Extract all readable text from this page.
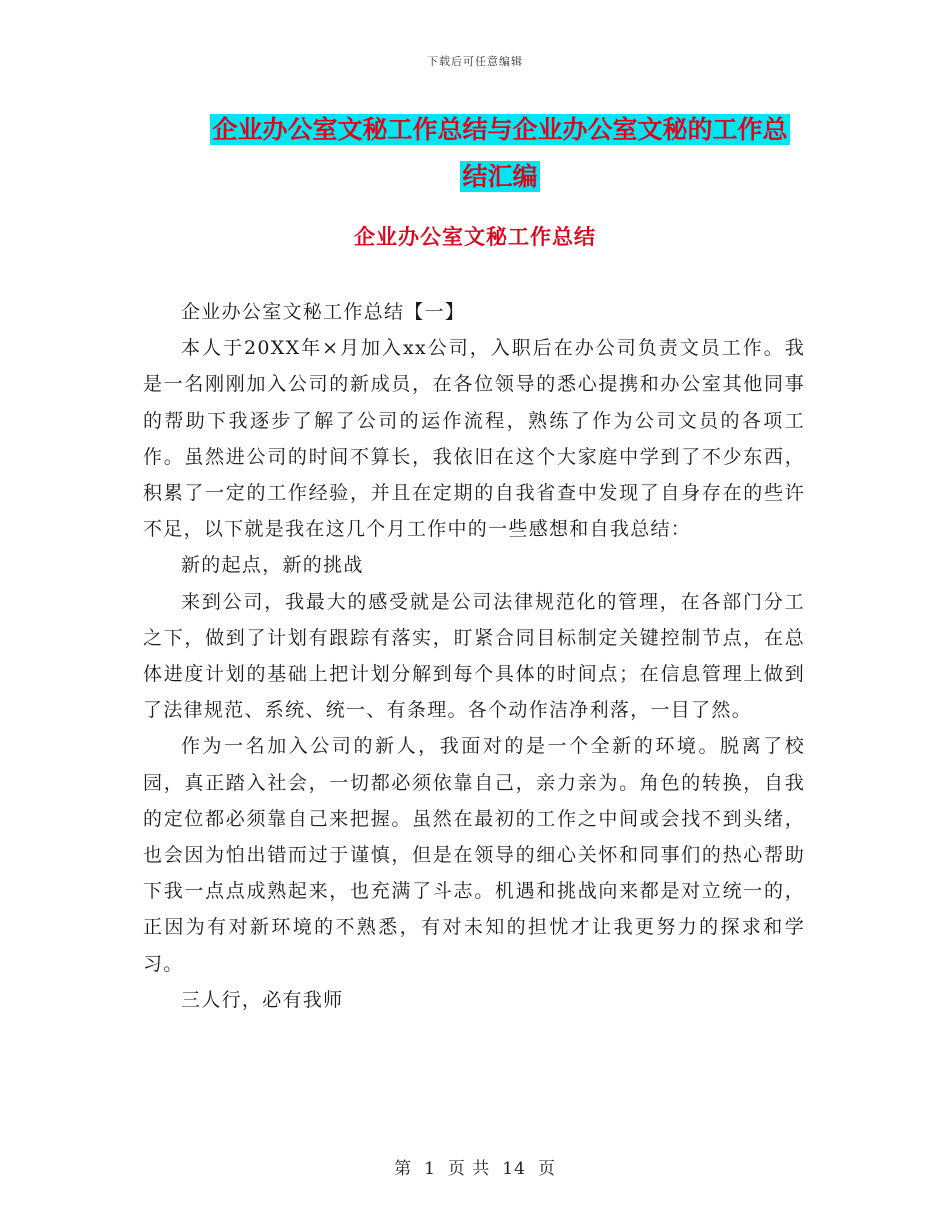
下载后可任意编辑
企业办公室文秘工作总结与企业办公室文秘的工作总
结汇编
企业办公室文秘工作总结

企业办公室文秘工作总结【一】

本人于20XX年×月加入xx公司，入职后在办公司负责文员工作。我是一名刚刚加入公司的新成员，在各位领导的悉心提携和办公室其他同事的帮助下我逐步了解了公司的运作流程，熟练了作为公司文员的各项工作。虽然进公司的时间不算长，我依旧在这个大家庭中学到了不少东西，积累了一定的工作经验，并且在定期的自我省查中发现了自身存在的些许不足，以下就是我在这几个月工作中的一些感想和自我总结：

新的起点，新的挑战

来到公司，我最大的感受就是公司法律规范化的管理，在各部门分工之下，做到了计划有跟踪有落实，盯紧合同目标制定关键控制节点，在总体进度计划的基础上把计划分解到每个具体的时间点；在信息管理上做到了法律规范、系统、统一、有条理。各个动作洁净利落，一目了然。

作为一名加入公司的新人，我面对的是一个全新的环境。脱离了校园，真正踏入社会，一切都必须依靠自己，亲力亲为。角色的转换，自我的定位都必须靠自己来把握。虽然在最初的工作之中间或会找不到头绪，也会因为怕出错而过于谨慎，但是在领导的细心关怀和同事们的热心帮助下我一点点成熟起来，也充满了斗志。机遇和挑战向来都是对立统一的，正因为有对新环境的不熟悉，有对未知的担忧才让我更努力的探求和学习。

三人行，必有我师

第 1 页 共 14 页
